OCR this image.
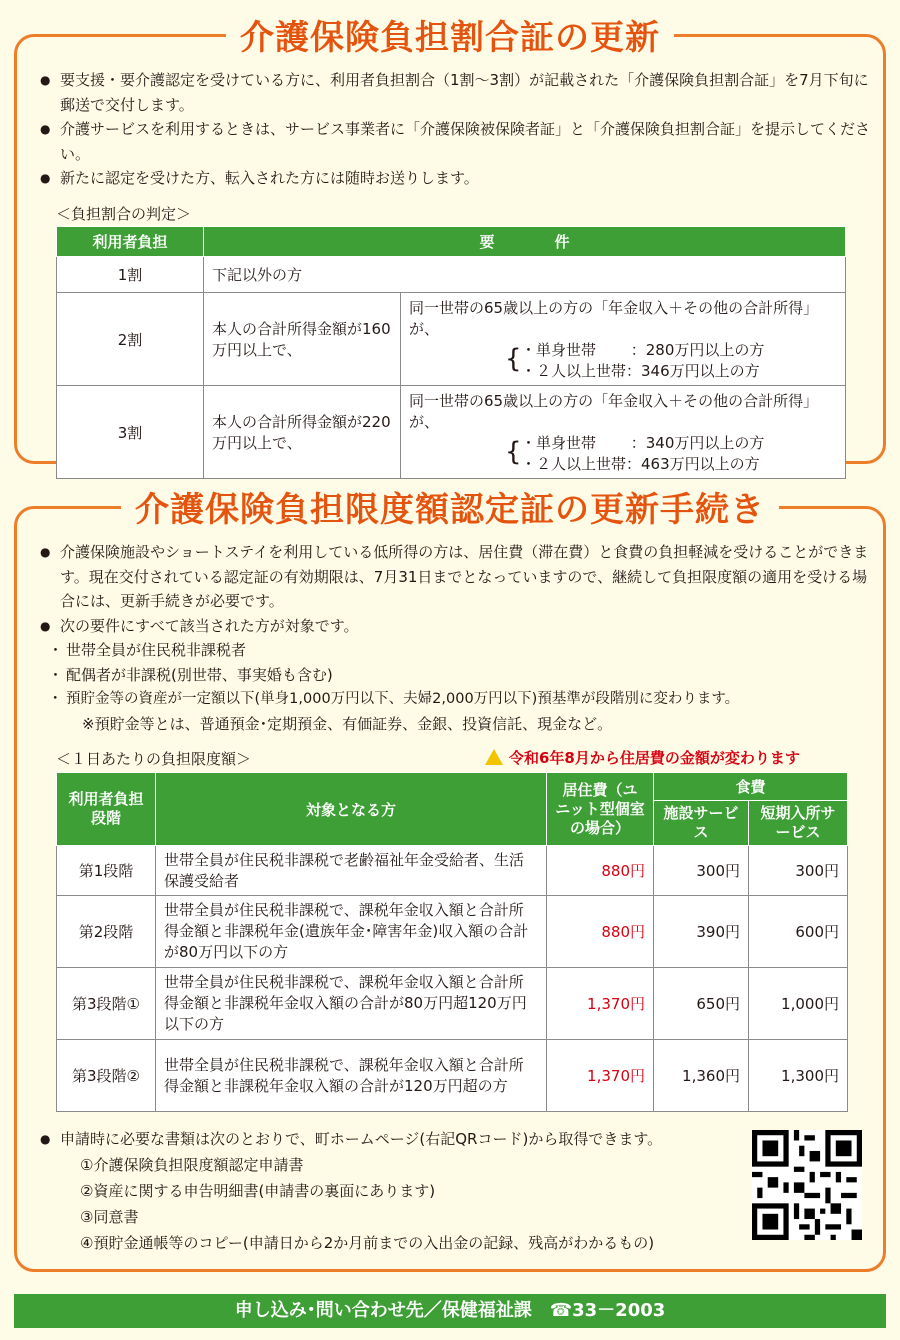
介護保険負担割合証の更新
● 要支援・要介護認定を受けている方に、利用者負担割合（1割〜3割）が記載された「介護保険負担割合証」を7月下旬に郵送で交付します。
● 介護サービスを利用するときは、サービス事業者に「介護保険被保険者証」と「介護保険負担割合証」を提示してください。
● 新たに認定を受けた方、転入された方には随時お送りします。
＜負担割合の判定＞
利用者負担	要　　　　件	
1割	下記以外の方	
2割	本人の合計所得金額が160万円以上で、	同一世帯の65歳以上の方の「年金収入＋その他の合計所得」が、
{ ・単身世帯　　 ：280万円以上の方
・２人以上世帯：346万円以上の方

3割	本人の合計所得金額が220万円以上で、	同一世帯の65歳以上の方の「年金収入＋その他の合計所得」が、
{ ・単身世帯　　 ：340万円以上の方
・２人以上世帯：463万円以上の方
介護保険負担限度額認定証の更新手続き
● 介護保険施設やショートステイを利用している低所得の方は、居住費（滞在費）と食費の負担軽減を受けることができます。現在交付されている認定証の有効期限は、7月31日までとなっていますので、継続して負担限度額の適用を受ける場合には、更新手続きが必要です。
● 次の要件にすべて該当された方が対象です。
・ 世帯全員が住民税非課税者
・ 配偶者が非課税(別世帯、事実婚も含む)
・ 預貯金等の資産が一定額以下(単身1,000万円以下、夫婦2,000万円以下)預基準が段階別に変わります。
※預貯金等とは、普通預金･定期預金、有価証券、金銀、投資信託、現金など。
＜１日あたりの負担限度額＞	令和6年8月から住居費の金額が変わります
利用者負担段階	対象となる方	居住費（ユニット型個室の場合）	食費	
			施設サービス	短期入所サービス
第1段階	世帯全員が住民税非課税で老齢福祉年金受給者、生活保護受給者	880円	300円	300円
第2段階	世帯全員が住民税非課税で、課税年金収入額と合計所得金額と非課税年金(遺族年金･障害年金)収入額の合計が80万円以下の方	880円	390円	600円
第3段階①	世帯全員が住民税非課税で、課税年金収入額と合計所得金額と非課税年金収入額の合計が80万円超120万円以下の方	1,370円	650円	1,000円
第3段階②	世帯全員が住民税非課税で、課税年金収入額と合計所得金額と非課税年金収入額の合計が120万円超の方	1,370円	1,360円	1,300円
● 申請時に必要な書類は次のとおりで、町ホームページ(右記QRコード)から取得できます。
①介護保険負担限度額認定申請書
②資産に関する申告明細書(申請書の裏面にあります)
③同意書
④預貯金通帳等のコピー(申請日から2か月前までの入出金の記録、残高がわかるもの)
申し込み･問い合わせ先／保健福祉課　☎33－2003
